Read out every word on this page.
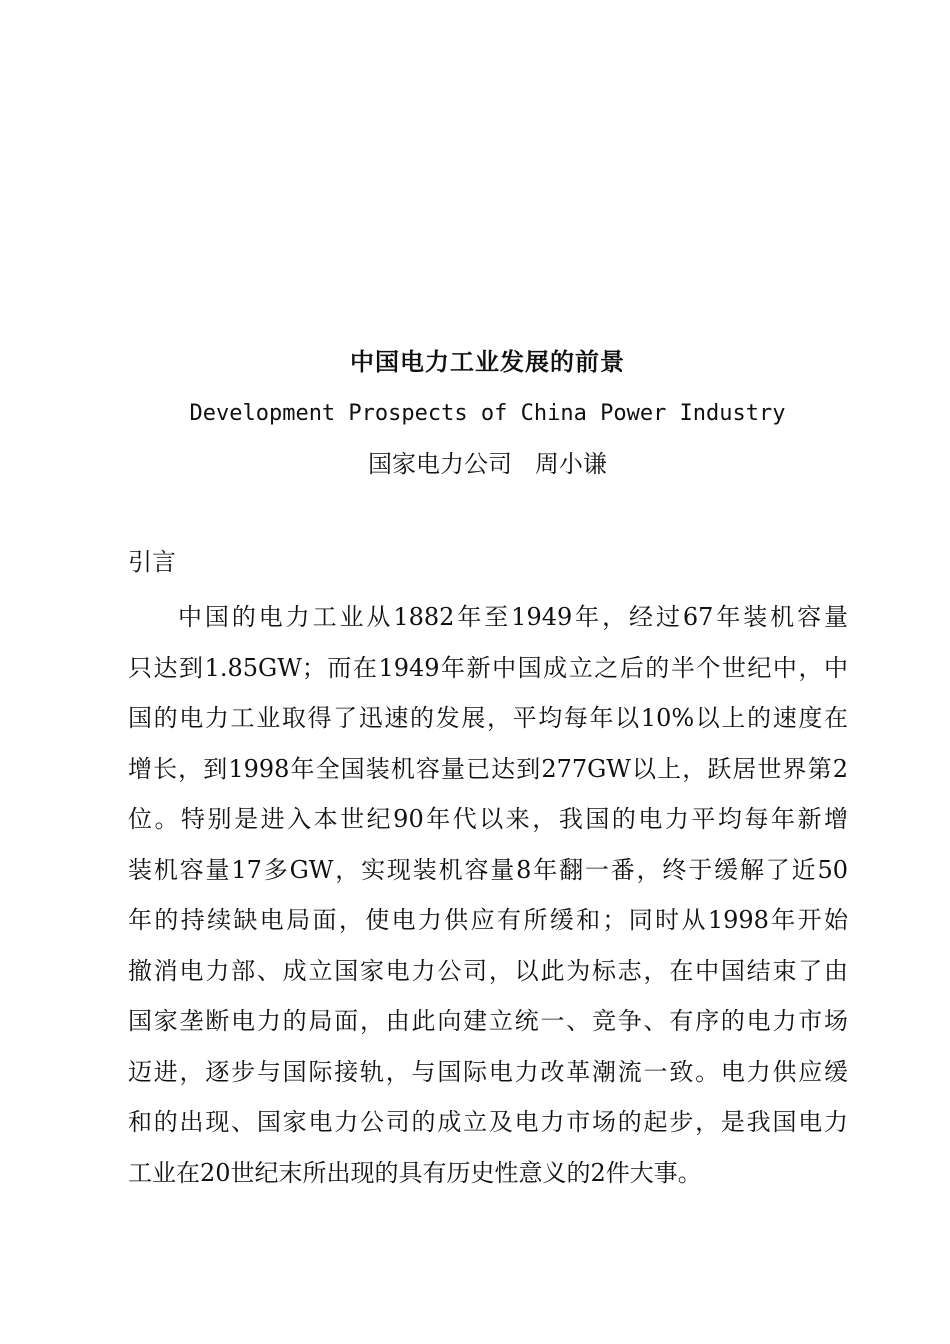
中国电力工业发展的前景

Development Prospects of China Power Industry

国家电力公司   周小谦

引言

中国的电力工业从1882年至1949年，经过67年装机容量
只达到1.85GW；而在1949年新中国成立之后的半个世纪中，中
国的电力工业取得了迅速的发展，平均每年以10%以上的速度在
增长，到1998年全国装机容量已达到277GW以上，跃居世界第2
位。特别是进入本世纪90年代以来，我国的电力平均每年新增
装机容量17多GW，实现装机容量8年翻一番，终于缓解了近50
年的持续缺电局面，使电力供应有所缓和；同时从1998年开始
撤消电力部、成立国家电力公司，以此为标志，在中国结束了由
国家垄断电力的局面，由此向建立统一、竞争、有序的电力市场
迈进，逐步与国际接轨，与国际电力改革潮流一致。电力供应缓
和的出现、国家电力公司的成立及电力市场的起步，是我国电力
工业在20世纪末所出现的具有历史性意义的2件大事。
